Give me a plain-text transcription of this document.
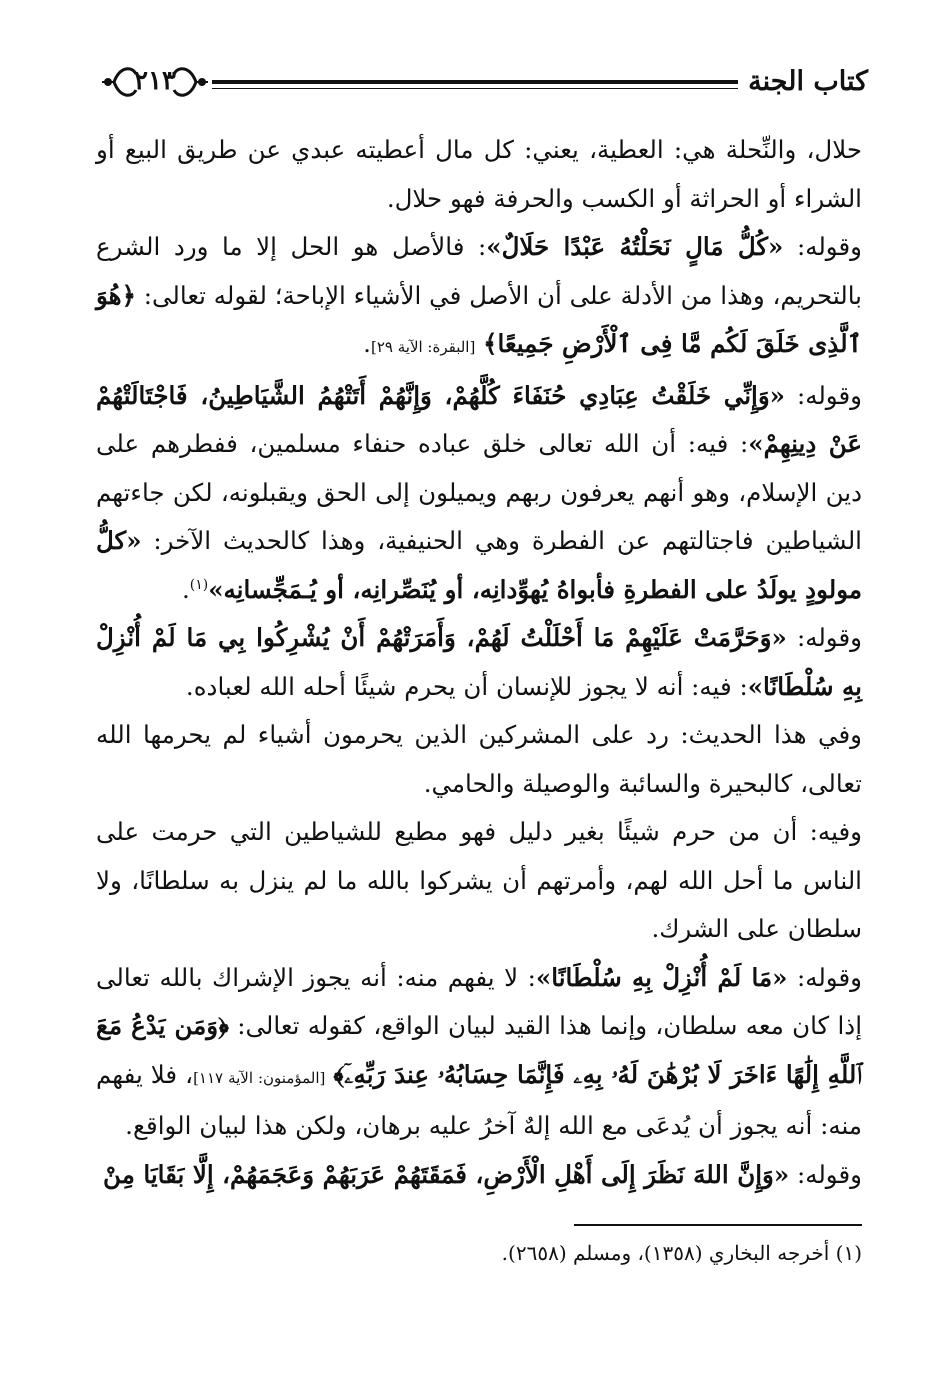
كتاب الجنة
٢١٣

حلال، والنِّحلة هي: العطية، يعني: كل مال أعطيته عبدي عن طريق البيع أو الشراء أو الحراثة أو الكسب والحرفة فهو حلال.

وقوله: «كُلُّ مَالٍ نَحَلْتُهُ عَبْدًا حَلَالٌ»: فالأصل هو الحل إلا ما ورد الشرع بالتحريم، وهذا من الأدلة على أن الأصل في الأشياء الإباحة؛ لقوله تعالى: ﴿هُوَ ٱلَّذِى خَلَقَ لَكُم مَّا فِى ٱلْأَرْضِ جَمِيعًا﴾ [البقرة: الآية ٢٩].

وقوله: «وَإِنِّي خَلَقْتُ عِبَادِي حُنَفَاءَ كُلَّهُمْ، وَإِنَّهُمْ أَتَتْهُمُ الشَّيَاطِينُ، فَاجْتَالَتْهُمْ عَنْ دِينِهِمْ»: فيه: أن الله تعالى خلق عباده حنفاء مسلمين، ففطرهم على دين الإسلام، وهو أنهم يعرفون ربهم ويميلون إلى الحق ويقبلونه، لكن جاءتهم الشياطين فاجتالتهم عن الفطرة وهي الحنيفية، وهذا كالحديث الآخر: «كلُّ مولودٍ يولَدُ على الفطرةِ فأبواهُ يُهوِّدانِه، أو يُنَصِّرانِه، أو يُـمَجِّسانِه»$^{(١)}$.

وقوله: «وَحَرَّمَتْ عَلَيْهِمْ مَا أَحْلَلْتُ لَهُمْ، وَأَمَرَتْهُمْ أَنْ يُشْرِكُوا بِي مَا لَمْ أُنْزِلْ بِهِ سُلْطَانًا»: فيه: أنه لا يجوز للإنسان أن يحرم شيئًا أحله الله لعباده.

وفي هذا الحديث: رد على المشركين الذين يحرمون أشياء لم يحرمها الله تعالى، كالبحيرة والسائبة والوصيلة والحامي.

وفيه: أن من حرم شيئًا بغير دليل فهو مطيع للشياطين التي حرمت على الناس ما أحل الله لهم، وأمرتهم أن يشركوا بالله ما لم ينزل به سلطانًا، ولا سلطان على الشرك.

وقوله: «مَا لَمْ أُنْزِلْ بِهِ سُلْطَانًا»: لا يفهم منه: أنه يجوز الإشراك بالله تعالى إذا كان معه سلطان، وإنما هذا القيد لبيان الواقع، كقوله تعالى: ﴿وَمَن يَدْعُ مَعَ ٱللَّهِ إِلَٰهًا ءَاخَرَ لَا بُرْهَٰنَ لَهُۥ بِهِۦ فَإِنَّمَا حِسَابُهُۥ عِندَ رَبِّهِۦٓ﴾ [المؤمنون: الآية ١١٧]، فلا يفهم منه: أنه يجوز أن يُدعَى مع الله إلهٌ آخرُ عليه برهان، ولكن هذا لبيان الواقع.

وقوله: «وَإِنَّ اللهَ نَظَرَ إِلَى أَهْلِ الْأَرْضِ، فَمَقَتَهُمْ عَرَبَهُمْ وَعَجَمَهُمْ، إِلَّا بَقَايَا مِنْ

(١) أخرجه البخاري (١٣٥٨)، ومسلم (٢٦٥٨).
